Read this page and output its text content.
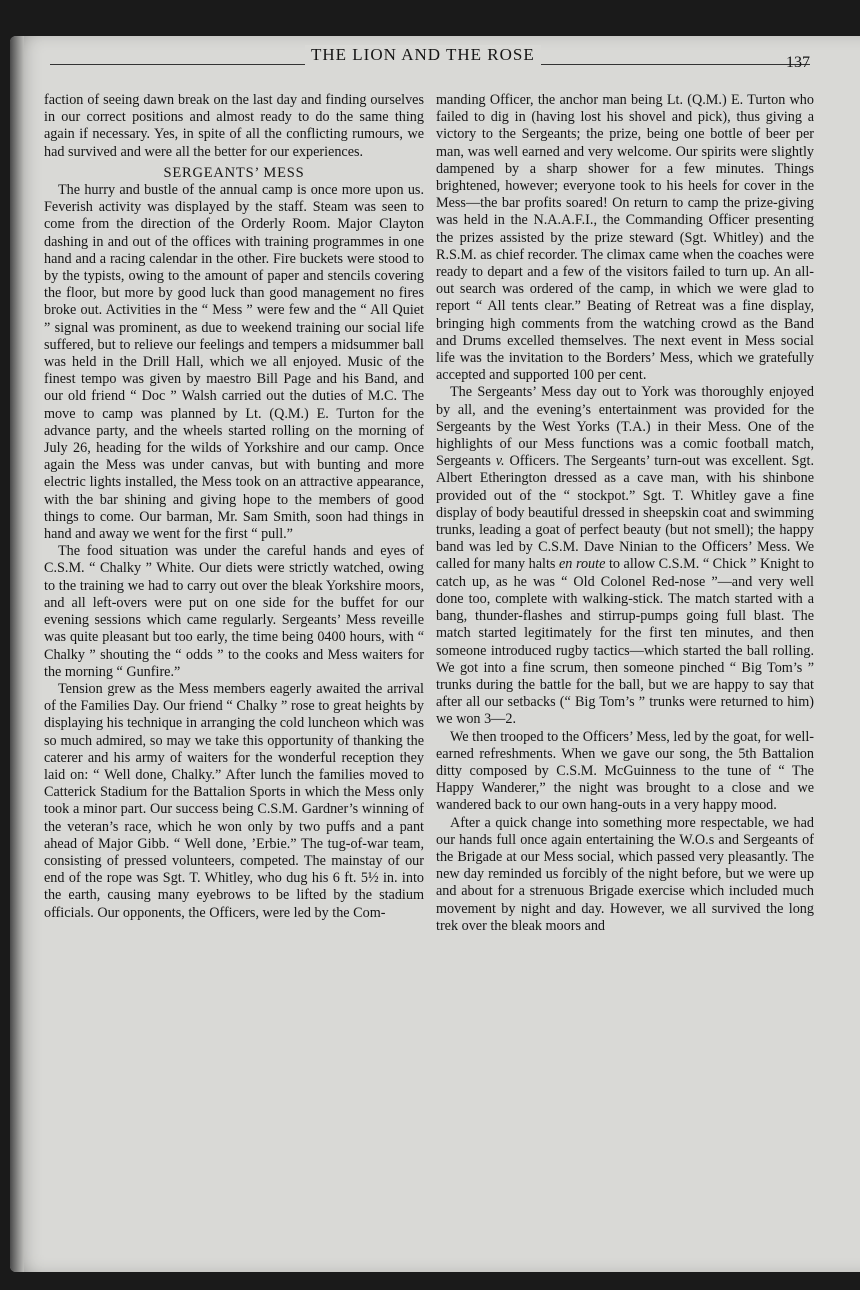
THE LION AND THE ROSE	137

faction of seeing dawn break on the last day and finding ourselves in our correct positions and almost ready to do the same thing again if necessary. Yes, in spite of all the conflicting rumours, we had survived and were all the better for our experiences.

SERGEANTS’ MESS

The hurry and bustle of the annual camp is once more upon us. Feverish activity was displayed by the staff. Steam was seen to come from the direction of the Orderly Room. Major Clayton dashing in and out of the offices with training programmes in one hand and a racing calendar in the other. Fire buckets were stood to by the typists, owing to the amount of paper and stencils covering the floor, but more by good luck than good management no fires broke out. Activities in the “ Mess ” were few and the “ All Quiet ” signal was prominent, as due to weekend training our social life suffered, but to relieve our feelings and tempers a midsummer ball was held in the Drill Hall, which we all enjoyed. Music of the finest tempo was given by maestro Bill Page and his Band, and our old friend “ Doc ” Walsh carried out the duties of M.C. The move to camp was planned by Lt. (Q.M.) E. Turton for the advance party, and the wheels started rolling on the morning of July 26, heading for the wilds of Yorkshire and our camp. Once again the Mess was under canvas, but with bunting and more electric lights installed, the Mess took on an attractive appearance, with the bar shining and giving hope to the members of good things to come. Our barman, Mr. Sam Smith, soon had things in hand and away we went for the first “ pull.”

The food situation was under the careful hands and eyes of C.S.M. “ Chalky ” White. Our diets were strictly watched, owing to the training we had to carry out over the bleak Yorkshire moors, and all left-overs were put on one side for the buffet for our evening sessions which came regularly. Sergeants’ Mess reveille was quite pleasant but too early, the time being 0400 hours, with “ Chalky ” shouting the “ odds ” to the cooks and Mess waiters for the morning “ Gunfire.”

Tension grew as the Mess members eagerly awaited the arrival of the Families Day. Our friend “ Chalky ” rose to great heights by displaying his technique in arranging the cold luncheon which was so much admired, so may we take this opportunity of thanking the caterer and his army of waiters for the wonderful reception they laid on: “ Well done, Chalky.” After lunch the families moved to Catterick Stadium for the Battalion Sports in which the Mess only took a minor part. Our success being C.S.M. Gardner’s winning of the veteran’s race, which he won only by two puffs and a pant ahead of Major Gibb. “ Well done, ’Erbie.” The tug-of-war team, consisting of pressed volunteers, competed. The mainstay of our end of the rope was Sgt. T. Whitley, who dug his 6 ft. 5½ in. into the earth, causing many eyebrows to be lifted by the stadium officials. Our opponents, the Officers, were led by the Com-

manding Officer, the anchor man being Lt. (Q.M.) E. Turton who failed to dig in (having lost his shovel and pick), thus giving a victory to the Sergeants; the prize, being one bottle of beer per man, was well earned and very welcome. Our spirits were slightly dampened by a sharp shower for a few minutes. Things brightened, however; everyone took to his heels for cover in the Mess—the bar profits soared! On return to camp the prize-giving was held in the N.A.A.F.I., the Commanding Officer presenting the prizes assisted by the prize steward (Sgt. Whitley) and the R.S.M. as chief recorder. The climax came when the coaches were ready to depart and a few of the visitors failed to turn up. An all-out search was ordered of the camp, in which we were glad to report “ All tents clear.” Beating of Retreat was a fine display, bringing high comments from the watching crowd as the Band and Drums excelled themselves. The next event in Mess social life was the invitation to the Borders’ Mess, which we gratefully accepted and supported 100 per cent.

The Sergeants’ Mess day out to York was thoroughly enjoyed by all, and the evening’s entertainment was provided for the Sergeants by the West Yorks (T.A.) in their Mess. One of the highlights of our Mess functions was a comic football match, Sergeants v. Officers. The Sergeants’ turn-out was excellent. Sgt. Albert Etherington dressed as a cave man, with his shinbone provided out of the “ stockpot.” Sgt. T. Whitley gave a fine display of body beautiful dressed in sheepskin coat and swimming trunks, leading a goat of perfect beauty (but not smell); the happy band was led by C.S.M. Dave Ninian to the Officers’ Mess. We called for many halts en route to allow C.S.M. “ Chick ” Knight to catch up, as he was “ Old Colonel Red-nose ”—and very well done too, complete with walking-stick. The match started with a bang, thunder-flashes and stirrup-pumps going full blast. The match started legitimately for the first ten minutes, and then someone introduced rugby tactics—which started the ball rolling. We got into a fine scrum, then someone pinched “ Big Tom’s ” trunks during the battle for the ball, but we are happy to say that after all our setbacks (“ Big Tom’s ” trunks were returned to him) we won 3—2.

We then trooped to the Officers’ Mess, led by the goat, for well-earned refreshments. When we gave our song, the 5th Battalion ditty composed by C.S.M. McGuinness to the tune of “ The Happy Wanderer,” the night was brought to a close and we wandered back to our own hang-outs in a very happy mood.

After a quick change into something more respectable, we had our hands full once again entertaining the W.O.s and Sergeants of the Brigade at our Mess social, which passed very pleasantly. The new day reminded us forcibly of the night before, but we were up and about for a strenuous Brigade exercise which included much movement by night and day. However, we all survived the long trek over the bleak moors and
